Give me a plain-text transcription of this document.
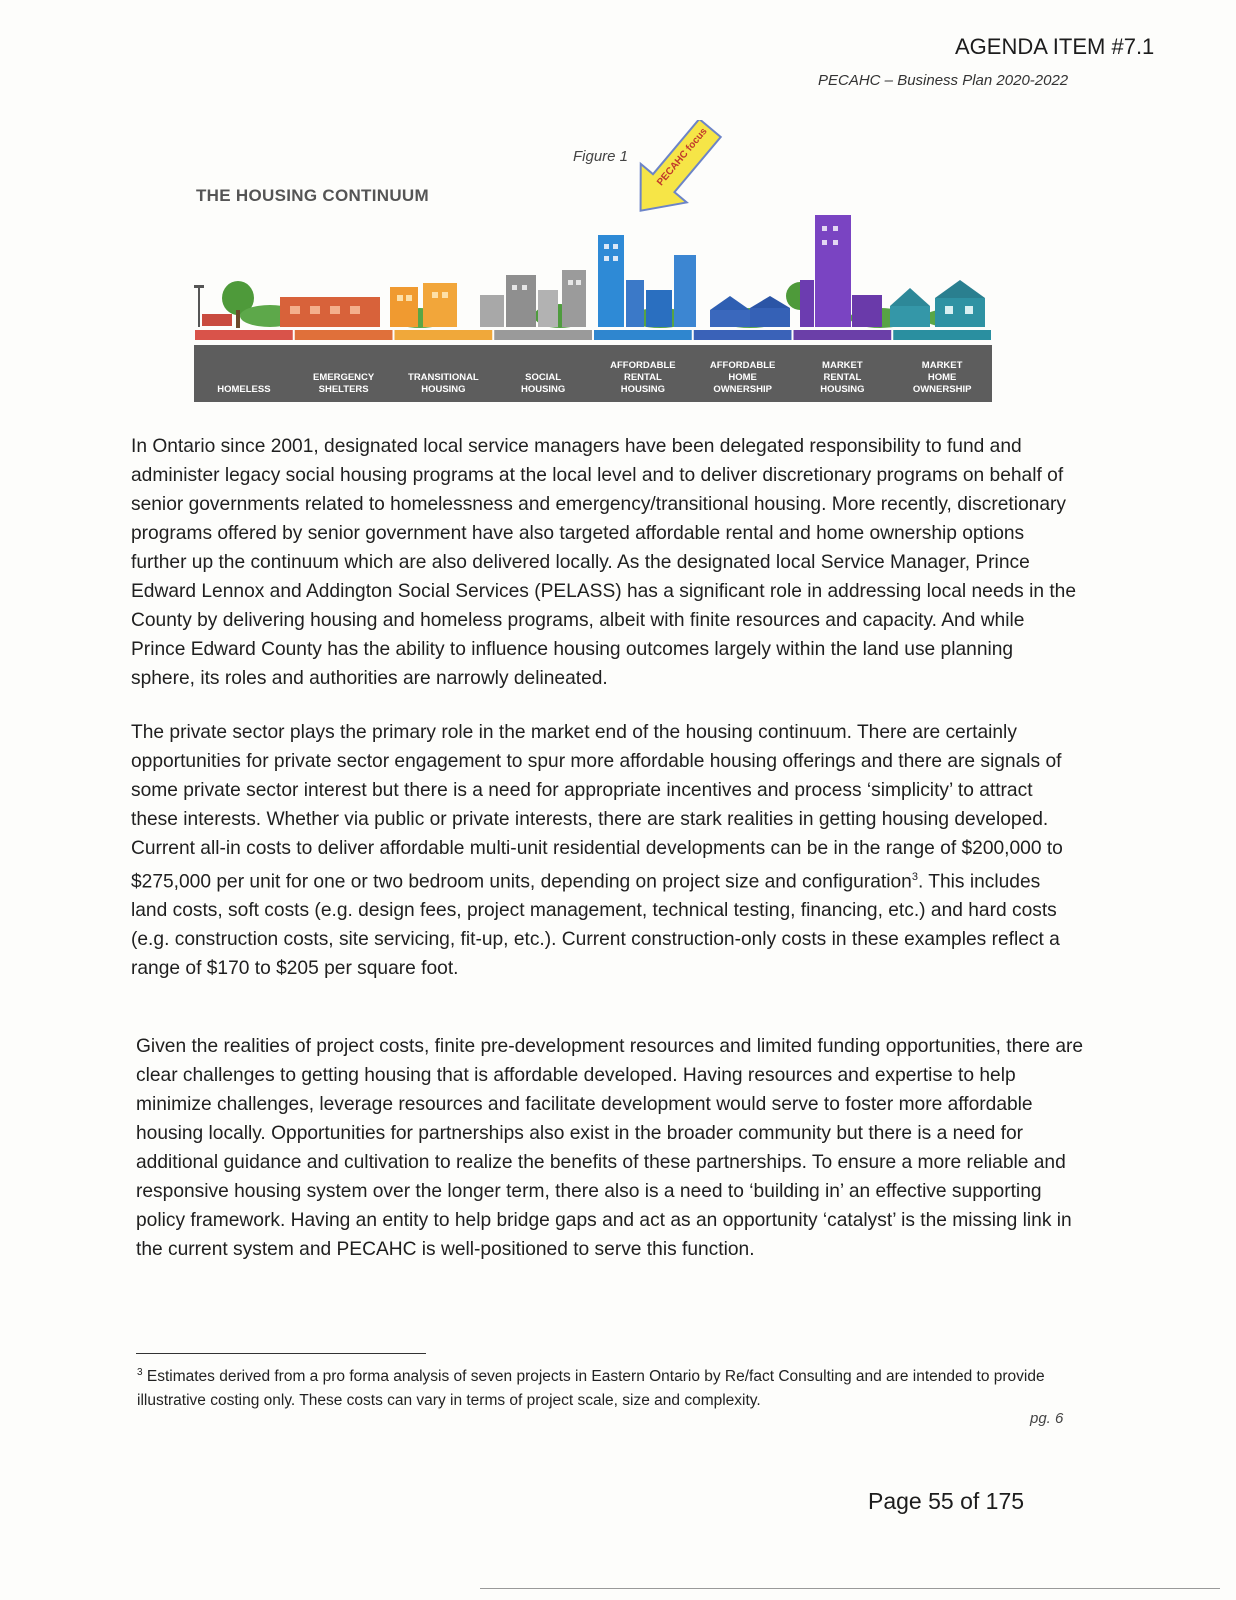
AGENDA ITEM #7.1
PECAHC – Business Plan 2020-2022
Figure 1
THE HOUSING CONTINUUM
PECAHC focus
HOMELESS
EMERGENCY
SHELTERS
TRANSITIONAL
HOUSING
SOCIAL
HOUSING
AFFORDABLE
RENTAL
HOUSING
AFFORDABLE
HOME
OWNERSHIP
MARKET
RENTAL
HOUSING
MARKET
HOME
OWNERSHIP

In Ontario since 2001, designated local service managers have been delegated responsibility to fund and administer legacy social housing programs at the local level and to deliver discretionary programs on behalf of senior governments related to homelessness and emergency/transitional housing. More recently, discretionary programs offered by senior government have also targeted affordable rental and home ownership options further up the continuum which are also delivered locally. As the designated local Service Manager, Prince Edward Lennox and Addington Social Services (PELASS) has a significant role in addressing local needs in the County by delivering housing and homeless programs, albeit with finite resources and capacity. And while Prince Edward County has the ability to influence housing outcomes largely within the land use planning sphere, its roles and authorities are narrowly delineated.

The private sector plays the primary role in the market end of the housing continuum. There are certainly opportunities for private sector engagement to spur more affordable housing offerings and there are signals of some private sector interest but there is a need for appropriate incentives and process ‘simplicity’ to attract these interests. Whether via public or private interests, there are stark realities in getting housing developed. Current all-in costs to deliver affordable multi-unit residential developments can be in the range of $200,000 to $275,000 per unit for one or two bedroom units, depending on project size and configuration$^3$. This includes land costs, soft costs (e.g. design fees, project management, technical testing, financing, etc.) and hard costs (e.g. construction costs, site servicing, fit-up, etc.). Current construction-only costs in these examples reflect a range of $170 to $205 per square foot.

Given the realities of project costs, finite pre-development resources and limited funding opportunities, there are clear challenges to getting housing that is affordable developed. Having resources and expertise to help minimize challenges, leverage resources and facilitate development would serve to foster more affordable housing locally. Opportunities for partnerships also exist in the broader community but there is a need for additional guidance and cultivation to realize the benefits of these partnerships. To ensure a more reliable and responsive housing system over the longer term, there also is a need to ‘building in’ an effective supporting policy framework. Having an entity to help bridge gaps and act as an opportunity ‘catalyst’ is the missing link in the current system and PECAHC is well-positioned to serve this function.

$^3$ Estimates derived from a pro forma analysis of seven projects in Eastern Ontario by Re/fact Consulting and are intended to provide illustrative costing only. These costs can vary in terms of project scale, size and complexity.
pg. 6
Page 55 of 175
